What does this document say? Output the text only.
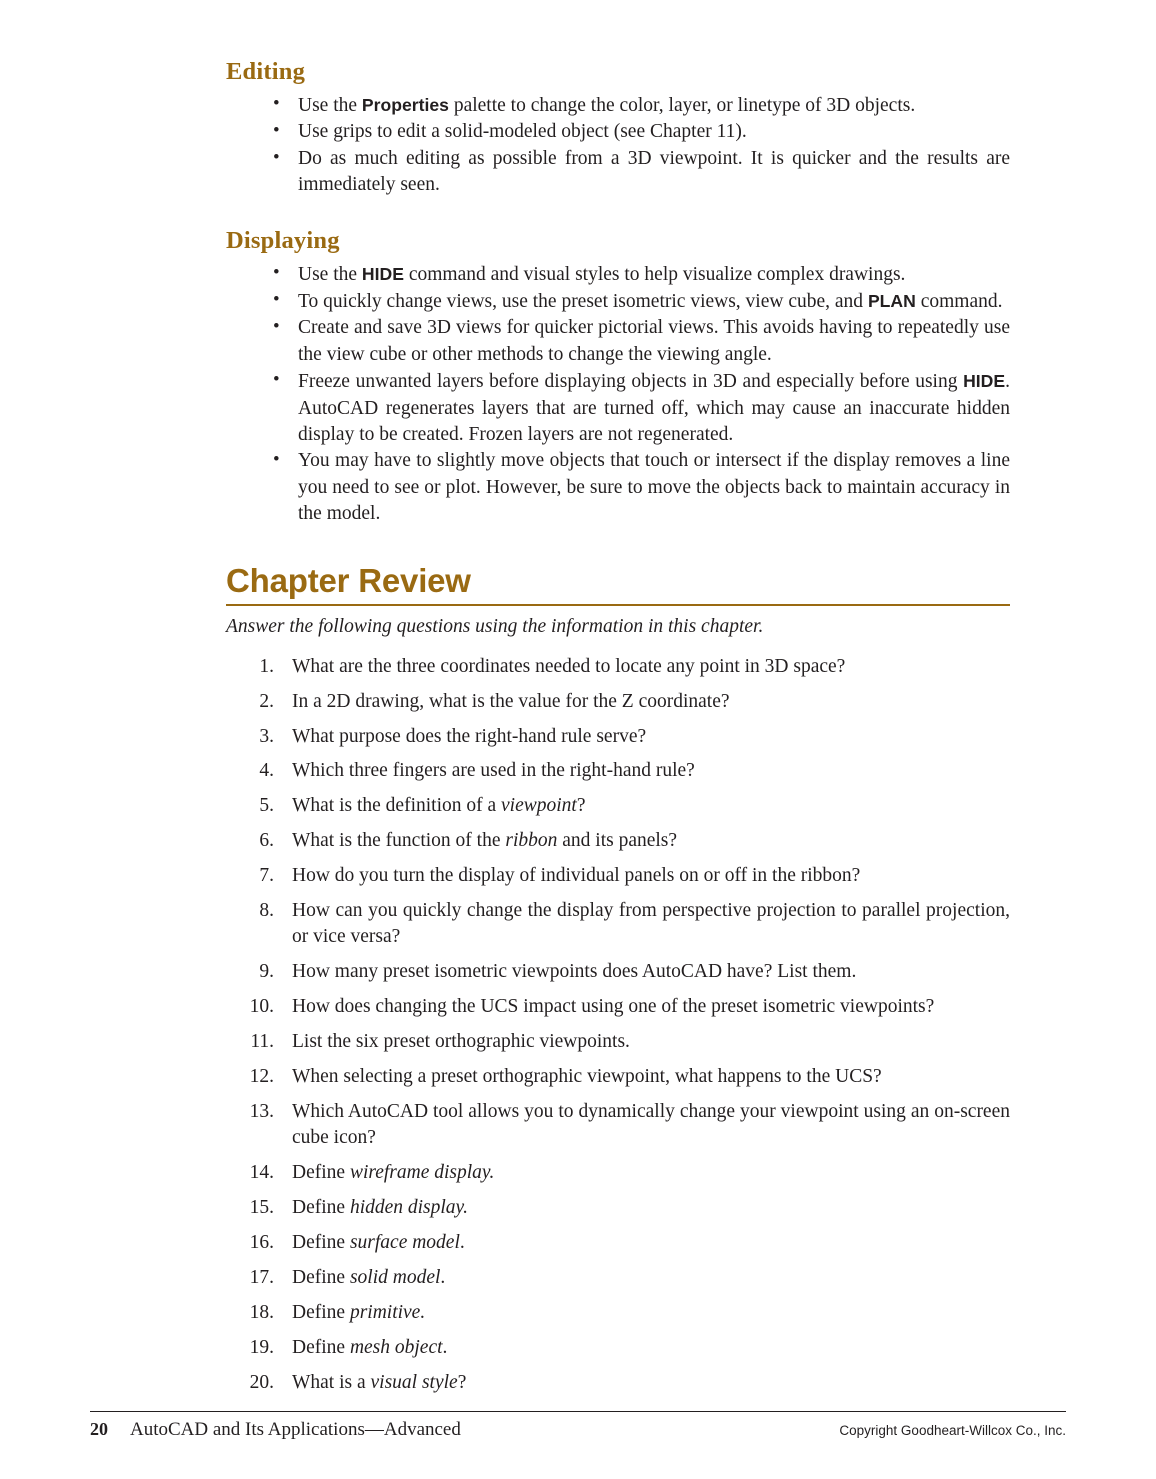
Editing
• Use the Properties palette to change the color, layer, or linetype of 3D objects.
• Use grips to edit a solid-modeled object (see Chapter 11).
• Do as much editing as possible from a 3D viewpoint. It is quicker and the results are immediately seen.
Displaying
• Use the HIDE command and visual styles to help visualize complex drawings.
• To quickly change views, use the preset isometric views, view cube, and PLAN command.
• Create and save 3D views for quicker pictorial views. This avoids having to repeatedly use the view cube or other methods to change the viewing angle.
• Freeze unwanted layers before displaying objects in 3D and especially before using HIDE. AutoCAD regenerates layers that are turned off, which may cause an inaccurate hidden display to be created. Frozen layers are not regenerated.
• You may have to slightly move objects that touch or intersect if the display removes a line you need to see or plot. However, be sure to move the objects back to maintain accuracy in the model.
Chapter Review

Answer the following questions using the information in this chapter.

What are the three coordinates needed to locate any point in 3D space?
In a 2D drawing, what is the value for the Z coordinate?
What purpose does the right-hand rule serve?
Which three fingers are used in the right-hand rule?
What is the definition of a viewpoint?
What is the function of the ribbon and its panels?
How do you turn the display of individual panels on or off in the ribbon?
How can you quickly change the display from perspective projection to parallel projection, or vice versa?
How many preset isometric viewpoints does AutoCAD have? List them.
How does changing the UCS impact using one of the preset isometric viewpoints?
List the six preset orthographic viewpoints.
When selecting a preset orthographic viewpoint, what happens to the UCS?
Which AutoCAD tool allows you to dynamically change your viewpoint using an on-screen cube icon?
Define wireframe display.
Define hidden display.
Define surface model.
Define solid model.
Define primitive.
Define mesh object.
What is a visual style?
20 AutoCAD and Its Applications—Advanced	Copyright Goodheart-Willcox Co., Inc.
